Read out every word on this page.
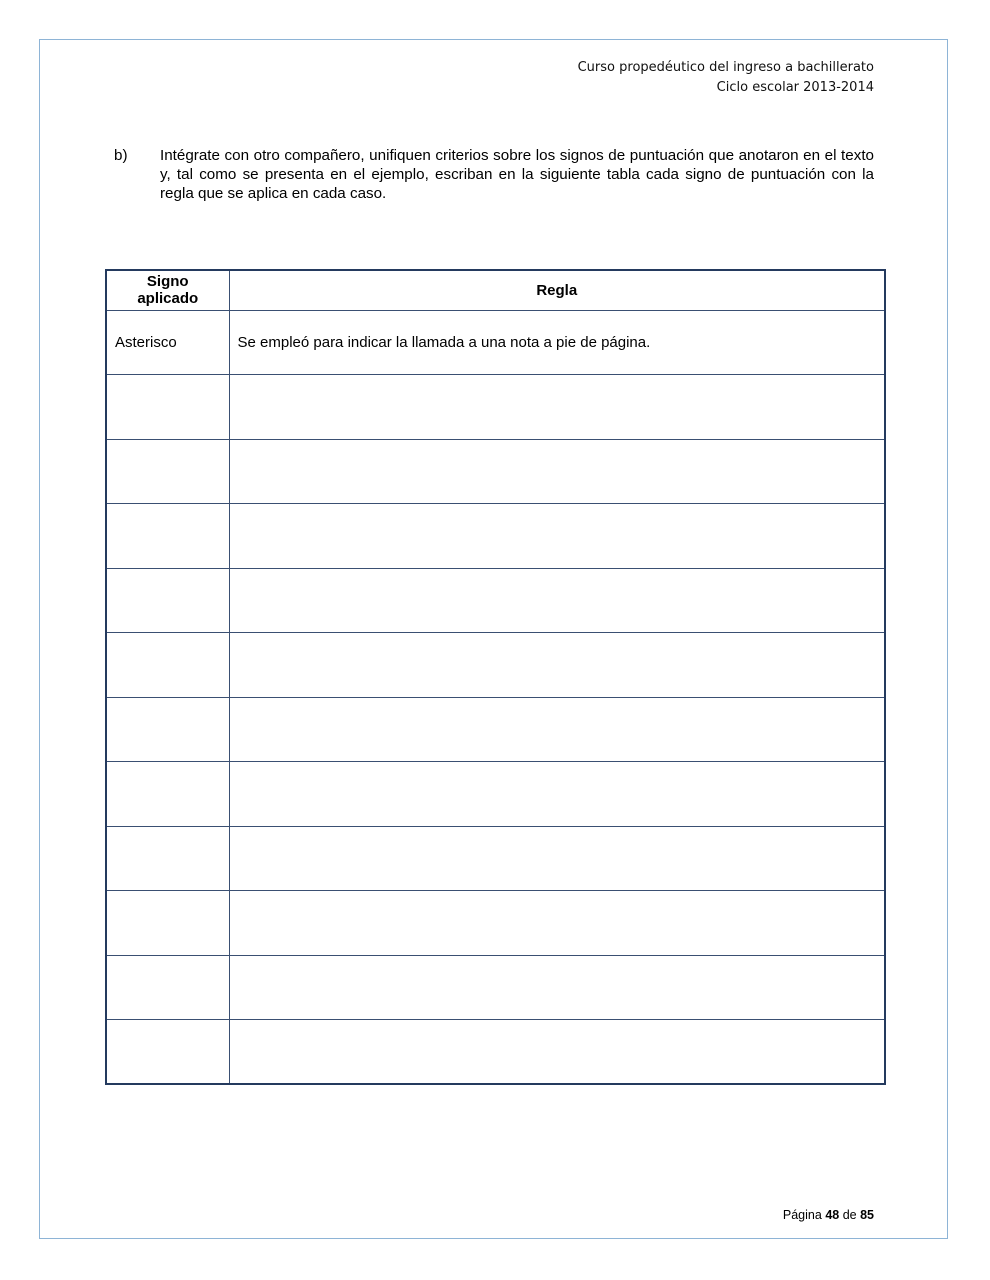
Curso propedéutico del ingreso a bachillerato
Ciclo escolar 2013-2014
b) Intégrate con otro compañero, unifiquen criterios sobre los signos de puntuación que anotaron en el texto y, tal como se presenta en el ejemplo, escriban en la siguiente tabla cada signo de puntuación con la regla que se aplica en cada caso.
Signo aplicado	Regla
Asterisco	Se empleó para indicar la llamada a una nota a pie de página.

Página 48 de 85
